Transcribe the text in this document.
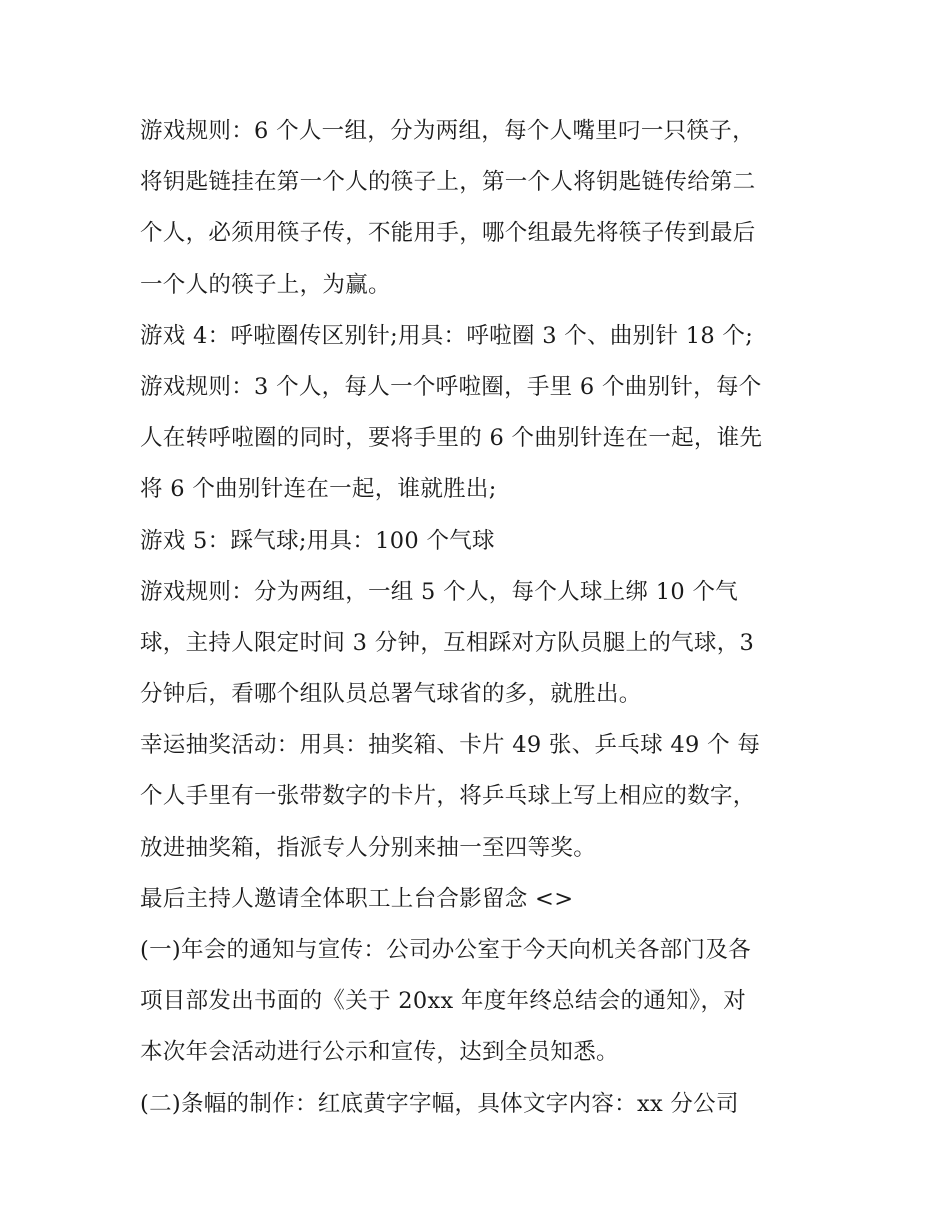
游戏规则：6 个人一组，分为两组，每个人嘴里叼一只筷子，
将钥匙链挂在第一个人的筷子上，第一个人将钥匙链传给第二
个人，必须用筷子传，不能用手，哪个组最先将筷子传到最后
一个人的筷子上，为赢。
游戏 4：呼啦圈传区别针;用具：呼啦圈 3 个、曲别针 18 个;
游戏规则：3 个人，每人一个呼啦圈，手里 6 个曲别针，每个
人在转呼啦圈的同时，要将手里的 6 个曲别针连在一起，谁先
将 6 个曲别针连在一起，谁就胜出;
游戏 5：踩气球;用具：100 个气球
游戏规则：分为两组，一组 5 个人，每个人球上绑 10 个气
球，主持人限定时间 3 分钟，互相踩对方队员腿上的气球，3
分钟后，看哪个组队员总署气球省的多，就胜出。
幸运抽奖活动：用具：抽奖箱、卡片 49 张、乒乓球 49 个 每
个人手里有一张带数字的卡片，将乒乓球上写上相应的数字，
放进抽奖箱，指派专人分别来抽一至四等奖。
最后主持人邀请全体职工上台合影留念 <>
(一)年会的通知与宣传：公司办公室于今天向机关各部门及各
项目部发出书面的《关于 20xx 年度年终总结会的通知》，对
本次年会活动进行公示和宣传，达到全员知悉。
(二)条幅的制作：红底黄字字幅，具体文字内容：xx 分公司
